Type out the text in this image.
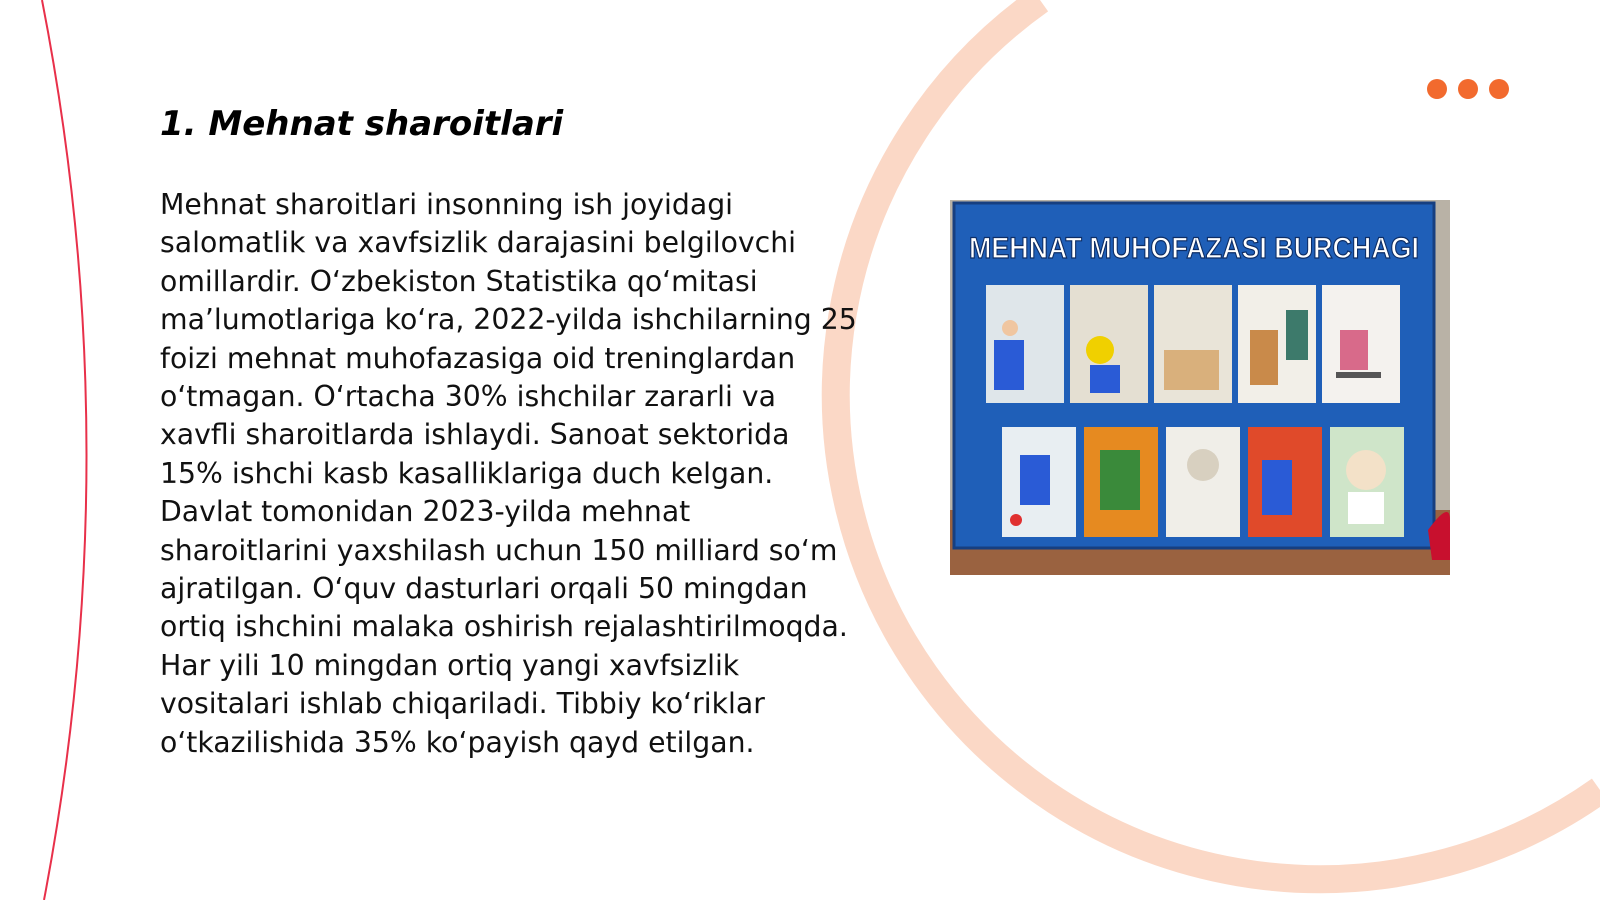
1. Mehnat sharoitlari

Mehnat sharoitlari insonning ish joyidagi salomatlik va xavfsizlik darajasini belgilovchi omillardir. O‘zbekiston Statistika qo‘mitasi ma’lumotlariga ko‘ra, 2022-yilda ishchilarning 25 foizi mehnat muhofazasiga oid treninglardan o‘tmagan. O‘rtacha 30% ishchilar zararli va xavfli sharoitlarda ishlaydi. Sanoat sektorida 15% ishchi kasb kasalliklariga duch kelgan. Davlat tomonidan 2023-yilda mehnat sharoitlarini yaxshilash uchun 150 milliard so‘m ajratilgan. O‘quv dasturlari orqali 50 mingdan ortiq ishchini malaka oshirish rejalashtirilmoqda. Har yili 10 mingdan ortiq yangi xavfsizlik vositalari ishlab chiqariladi. Tibbiy ko‘riklar o‘tkazilishida 35% ko‘payish qayd etilgan.

MEHNAT MUHOFAZASI BURCHAGI
